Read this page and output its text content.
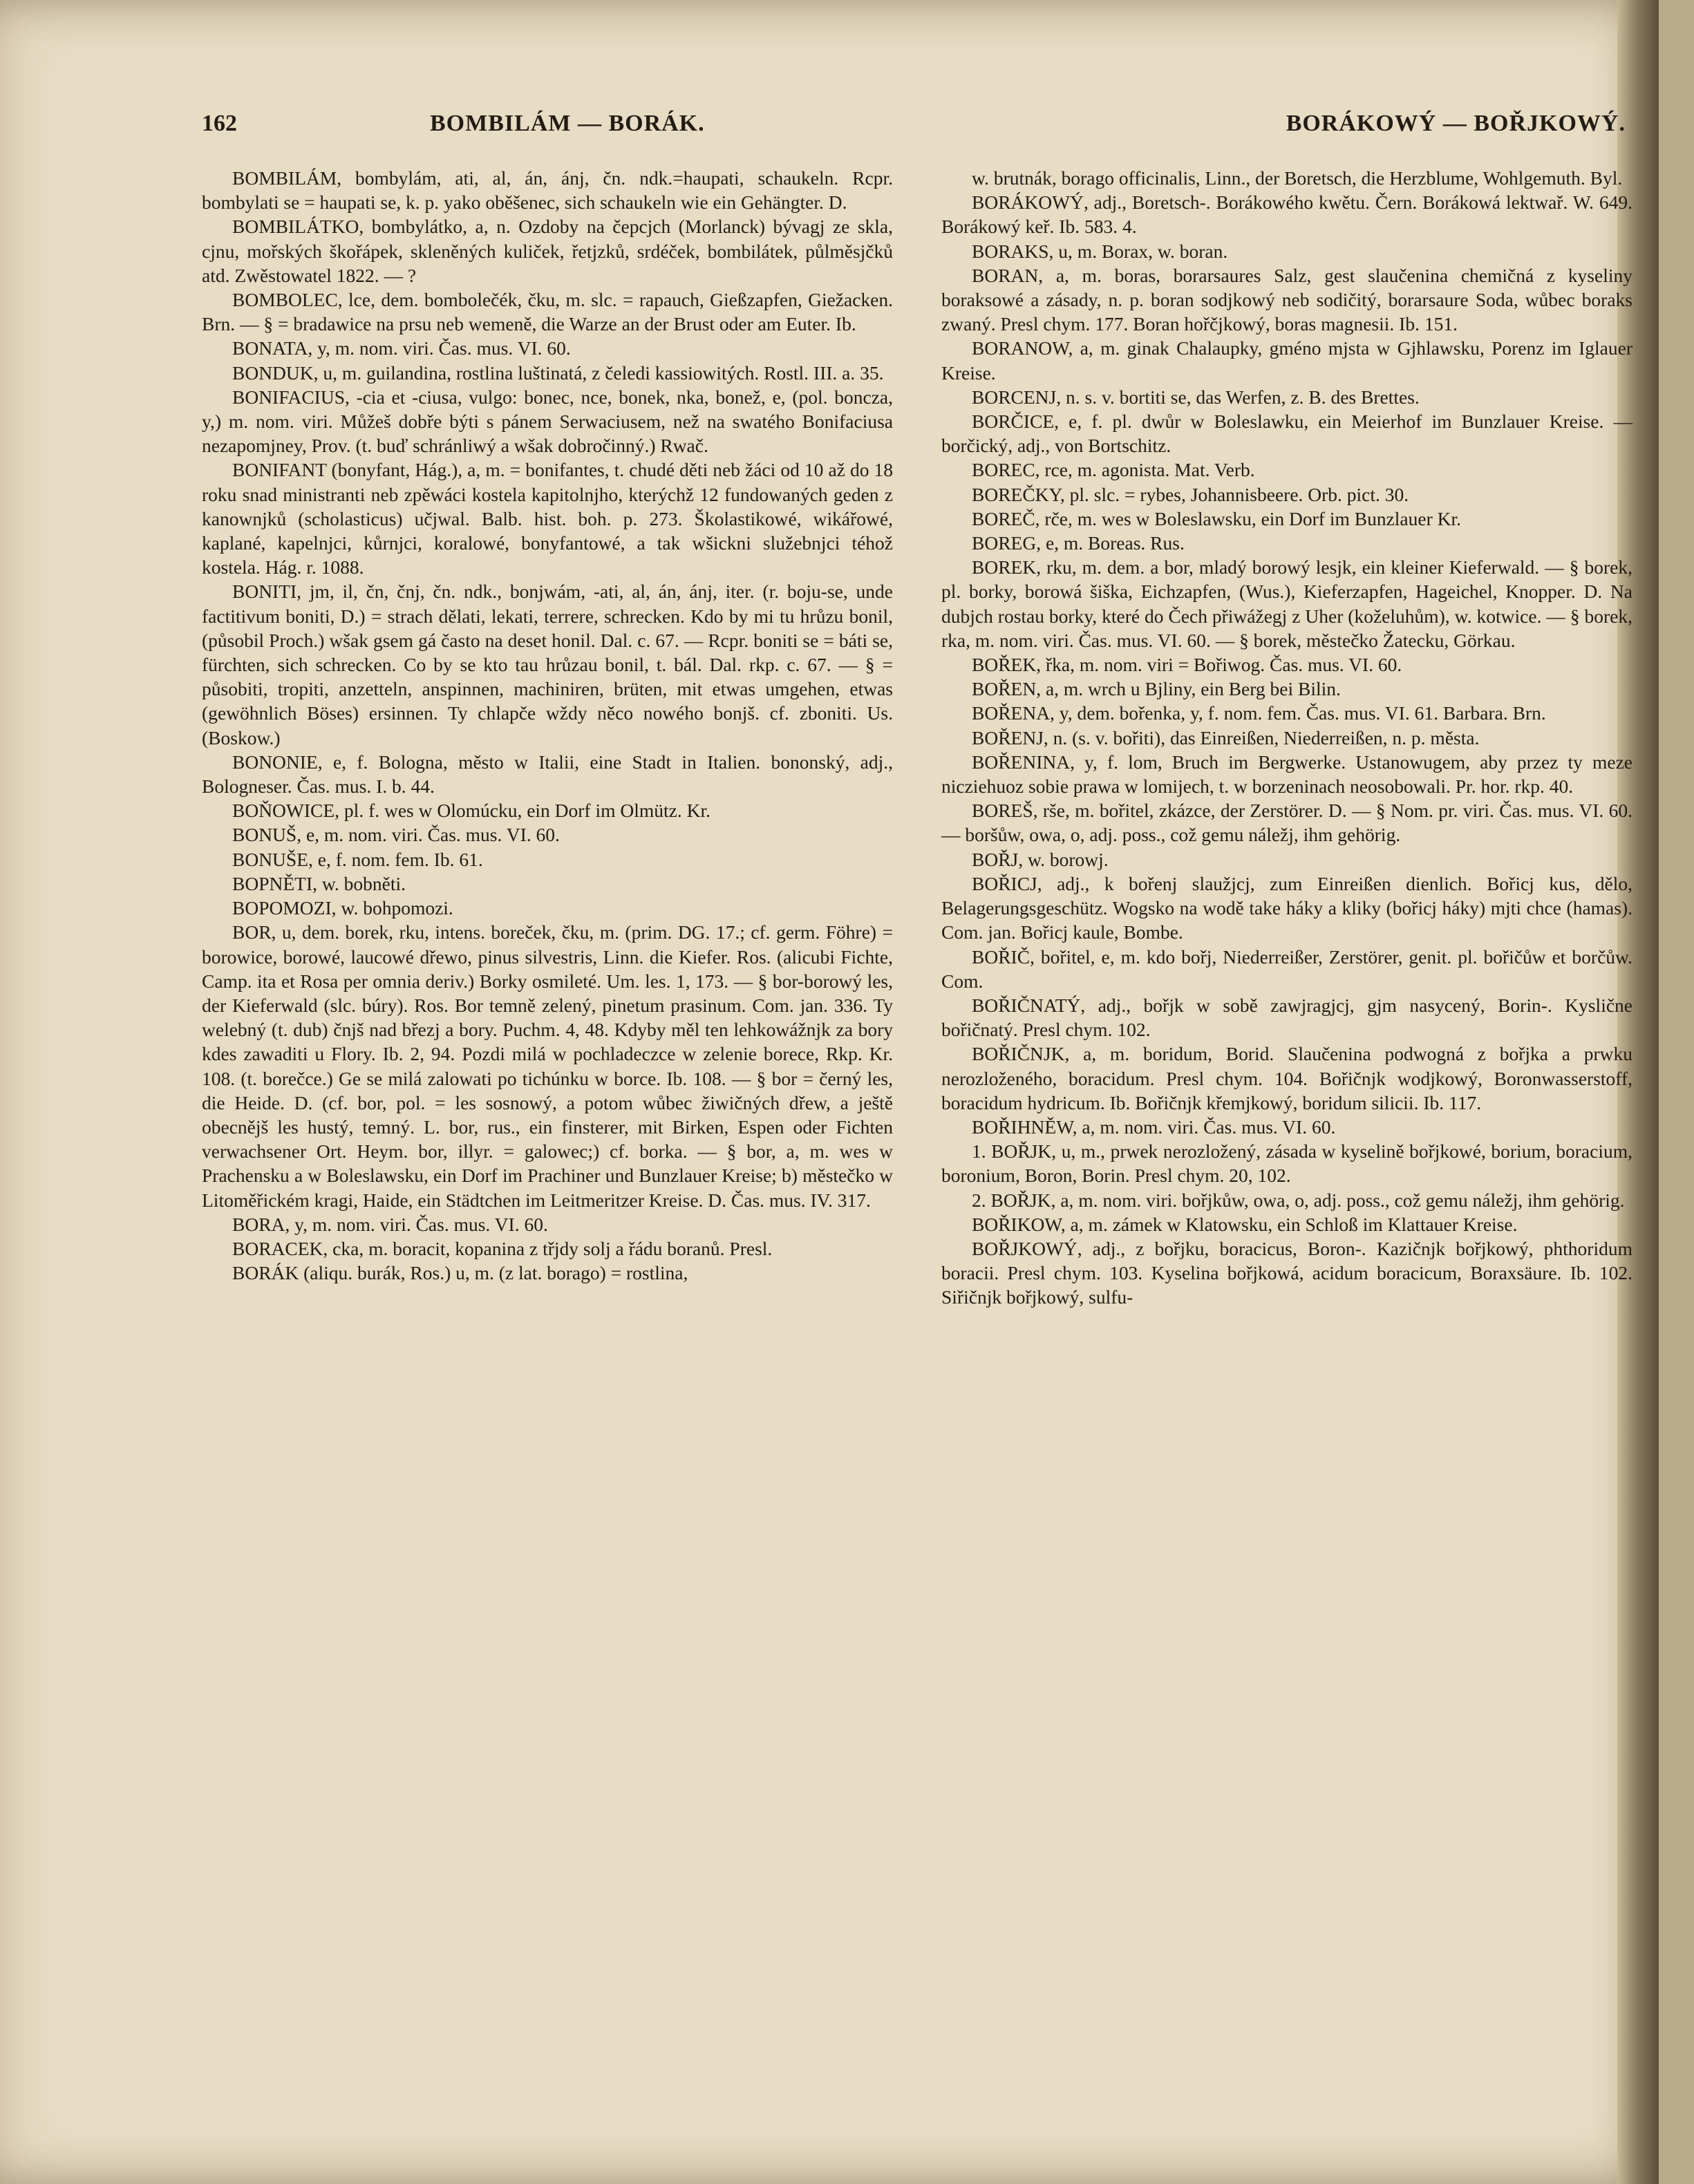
162	BOMBILÁM — BORÁK.	BORÁKOWÝ — BOŘJKOWÝ.

BOMBILÁM, bombylám, ati, al, án, ánj, čn. ndk.=haupati, schaukeln. Rcpr. bombylati se = haupati se, k. p. yako oběšenec, sich schaukeln wie ein Gehängter. D.

BOMBILÁTKO, bombylátko, a, n. Ozdoby na čepcjch (Morlanck) bývagj ze skla, cjnu, mořských škořápek, skleněných kuliček, řetjzků, srdéček, bombilátek, půlměsjčků atd. Zwěstowatel 1822. — ?

BOMBOLEC, lce, dem. bombolečék, čku, m. slc. = rapauch, Gießzapfen, Giežacken. Brn. — § = bradawice na prsu neb wemeně, die Warze an der Brust oder am Euter. Ib.

BONATA, y, m. nom. viri. Čas. mus. VI. 60.

BONDUK, u, m. guilandina, rostlina luštinatá, z čeledi kassiowitých. Rostl. III. a. 35.

BONIFACIUS, -cia et -ciusa, vulgo: bonec, nce, bonek, nka, bonež, e, (pol. boncza, y,) m. nom. viri. Můžeš dobře býti s pánem Serwaciusem, než na swatého Bonifaciusa nezapomjney, Prov. (t. buď schránliwý a wšak dobročinný.) Rwač.

BONIFANT (bonyfant, Hág.), a, m. = bonifantes, t. chudé děti neb žáci od 10 až do 18 roku snad ministranti neb zpěwáci kostela kapitolnjho, kterýchž 12 fundowaných geden z kanownjků (scholasticus) učjwal. Balb. hist. boh. p. 273. Školastikowé, wikářowé, kaplané, kapelnjci, kůrnjci, koralowé, bonyfantowé, a tak wšickni služebnjci téhož kostela. Hág. r. 1088.

BONITI, jm, il, čn, čnj, čn. ndk., bonjwám, -ati, al, án, ánj, iter. (r. boju-se, unde factitivum boniti, D.) = strach dělati, lekati, terrere, schrecken. Kdo by mi tu hrůzu bonil, (působil Proch.) wšak gsem gá často na deset honil. Dal. c. 67. — Rcpr. boniti se = báti se, fürchten, sich schrecken. Co by se kto tau hrůzau bonil, t. bál. Dal. rkp. c. 67. — § = působiti, tropiti, anzetteln, anspinnen, machiniren, brüten, mit etwas umgehen, etwas (gewöhnlich Böses) ersinnen. Ty chlapče wždy něco nowého bonjš. cf. zboniti. Us. (Boskow.)

BONONIE, e, f. Bologna, město w Italii, eine Stadt in Italien. bononský, adj., Bologneser. Čas. mus. I. b. 44.

BOŇOWICE, pl. f. wes w Olomúcku, ein Dorf im Olmütz. Kr.

BONUŠ, e, m. nom. viri. Čas. mus. VI. 60.

BONUŠE, e, f. nom. fem. Ib. 61.

BOPNĚTI, w. bobněti.

BOPOMOZI, w. bohpomozi.

BOR, u, dem. borek, rku, intens. boreček, čku, m. (prim. DG. 17.; cf. germ. Föhre) = borowice, borowé, laucowé dřewo, pinus silvestris, Linn. die Kiefer. Ros. (alicubi Fichte, Camp. ita et Rosa per omnia deriv.) Borky osmileté. Um. les. 1, 173. — § bor-borowý les, der Kieferwald (slc. búry). Ros. Bor temně zelený, pinetum prasinum. Com. jan. 336. Ty welebný (t. dub) čnjš nad březj a bory. Puchm. 4, 48. Kdyby měl ten lehkowážnjk za bory kdes zawaditi u Flory. Ib. 2, 94. Pozdi milá w pochladeczce w zelenie borece, Rkp. Kr. 108. (t. borečce.) Ge se milá zalowati po tichúnku w borce. Ib. 108. — § bor = černý les, die Heide. D. (cf. bor, pol. = les sosnowý, a potom wůbec žiwičných dřew, a ještě obecnějš les hustý, temný. L. bor, rus., ein finsterer, mit Birken, Espen oder Fichten verwachsener Ort. Heym. bor, illyr. = galowec;) cf. borka. — § bor, a, m. wes w Prachensku a w Boleslawsku, ein Dorf im Prachiner und Bunzlauer Kreise; b) městečko w Litoměřickém kragi, Haide, ein Städtchen im Leitmeritzer Kreise. D. Čas. mus. IV. 317.

BORA, y, m. nom. viri. Čas. mus. VI. 60.

BORACEK, cka, m. boracit, kopanina z třjdy solj a řádu boranů. Presl.

BORÁK (aliqu. burák, Ros.) u, m. (z lat. borago) = rostlina,

w. brutnák, borago officinalis, Linn., der Boretsch, die Herzblume, Wohlgemuth. Byl.

BORÁKOWÝ, adj., Boretsch-. Borákowého kwětu. Čern. Borákowá lektwař. W. 649. Borákowý keř. Ib. 583. 4.

BORAKS, u, m. Borax, w. boran.

BORAN, a, m. boras, borarsaures Salz, gest slaučenina chemičná z kyseliny boraksowé a zásady, n. p. boran sodjkowý neb sodičitý, borarsaure Soda, wůbec boraks zwaný. Presl chym. 177. Boran hořčjkowý, boras magnesii. Ib. 151.

BORANOW, a, m. ginak Chalaupky, gméno mjsta w Gjhlawsku, Porenz im Iglauer Kreise.

BORCENJ, n. s. v. bortiti se, das Werfen, z. B. des Brettes.

BORČICE, e, f. pl. dwůr w Boleslawku, ein Meierhof im Bunzlauer Kreise. — borčický, adj., von Bortschitz.

BOREC, rce, m. agonista. Mat. Verb.

BOREČKY, pl. slc. = rybes, Johannisbeere. Orb. pict. 30.

BOREČ, rče, m. wes w Boleslawsku, ein Dorf im Bunzlauer Kr.

BOREG, e, m. Boreas. Rus.

BOREK, rku, m. dem. a bor, mladý borowý lesjk, ein kleiner Kieferwald. — § borek, pl. borky, borowá šiška, Eichzapfen, (Wus.), Kieferzapfen, Hageichel, Knopper. D. Na dubjch rostau borky, které do Čech přiwážegj z Uher (koželuhům), w. kotwice. — § borek, rka, m. nom. viri. Čas. mus. VI. 60. — § borek, městečko Žatecku, Görkau.

BOŘEK, řka, m. nom. viri = Bořiwog. Čas. mus. VI. 60.

BOŘEN, a, m. wrch u Bjliny, ein Berg bei Bilin.

BOŘENA, y, dem. bořenka, y, f. nom. fem. Čas. mus. VI. 61. Barbara. Brn.

BOŘENJ, n. (s. v. bořiti), das Einreißen, Niederreißen, n. p. města.

BOŘENINA, y, f. lom, Bruch im Bergwerke. Ustanowugem, aby przez ty meze nicziehuoz sobie prawa w lomijech, t. w borzeninach neosobowali. Pr. hor. rkp. 40.

BOREŠ, rše, m. bořitel, zkázce, der Zerstörer. D. — § Nom. pr. viri. Čas. mus. VI. 60. — boršůw, owa, o, adj. poss., což gemu náležj, ihm gehörig.

BOŘJ, w. borowj.

BOŘICJ, adj., k bořenj slaužjcj, zum Einreißen dienlich. Bořicj kus, dělo, Belagerungsgeschütz. Wogsko na wodě take háky a kliky (bořicj háky) mjti chce (hamas). Com. jan. Bořicj kaule, Bombe.

BOŘIČ, bořitel, e, m. kdo bořj, Niederreißer, Zerstörer, genit. pl. bořičůw et borčůw. Com.

BOŘIČNATÝ, adj., bořjk w sobě zawjragjcj, gjm nasycený, Borin-. Kyslične bořičnatý. Presl chym. 102.

BOŘIČNJK, a, m. boridum, Borid. Slaučenina podwogná z bořjka a prwku nerozloženého, boracidum. Presl chym. 104. Bořičnjk wodjkowý, Boronwasserstoff, boracidum hydricum. Ib. Bořičnjk křemjkowý, boridum silicii. Ib. 117.

BOŘIHNĚW, a, m. nom. viri. Čas. mus. VI. 60.

1. BOŘJK, u, m., prwek nerozložený, zásada w kyselině bořjkowé, borium, boracium, boronium, Boron, Borin. Presl chym. 20, 102.

2. BOŘJK, a, m. nom. viri. bořjkůw, owa, o, adj. poss., což gemu náležj, ihm gehörig.

BOŘIKOW, a, m. zámek w Klatowsku, ein Schloß im Klattauer Kreise.

BOŘJKOWÝ, adj., z bořjku, boracicus, Boron-. Kazičnjk bořjkowý, phthoridum boracii. Presl chym. 103. Kyselina bořjkowá, acidum boracicum, Boraxsäure. Ib. 102. Siřičnjk bořjkowý, sulfu-
